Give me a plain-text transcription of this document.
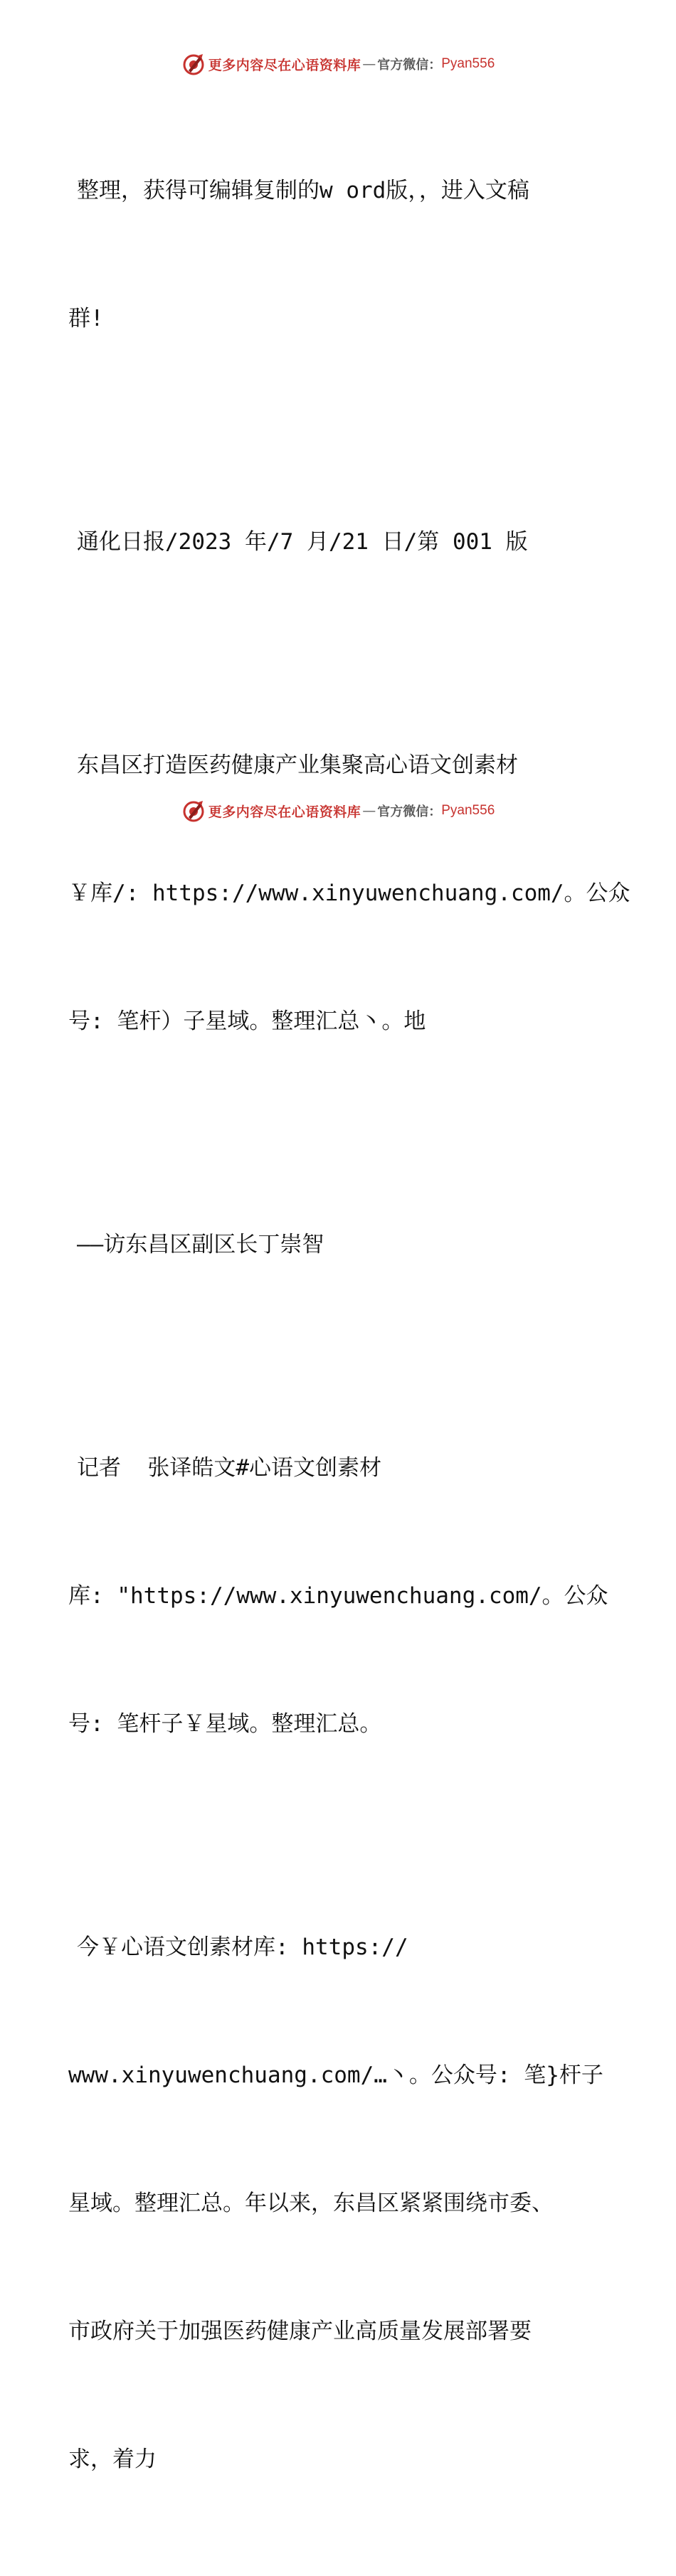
更多内容尽在心语资料库 — 官方微信： Pyan556

整理，获得可编辑复制的w ord版，，进入文稿

群!

通化日报/2023 年/7 月/21 日/第 001 版

东昌区打造医药健康产业集聚高心语文创素材

￥库/: https://www.xinyuwenchuang.com/。公众

号: 笔杆）子星域。整理汇总丶。地

——访东昌区副区长丁崇智

记者  张译皓文#心语文创素材

库: "https://www.xinyuwenchuang.com/。公众

号: 笔杆子￥星域。整理汇总。

今￥心语文创素材库: https://

www.xinyuwenchuang.com/…丶。公众号: 笔}杆子

星域。整理汇总。年以来，东昌区紧紧围绕市委、

市政府关于加强医药健康产业高质量发展部署要

求，着力

更多内容尽在心语资料库 — 官方微信： Pyan556
